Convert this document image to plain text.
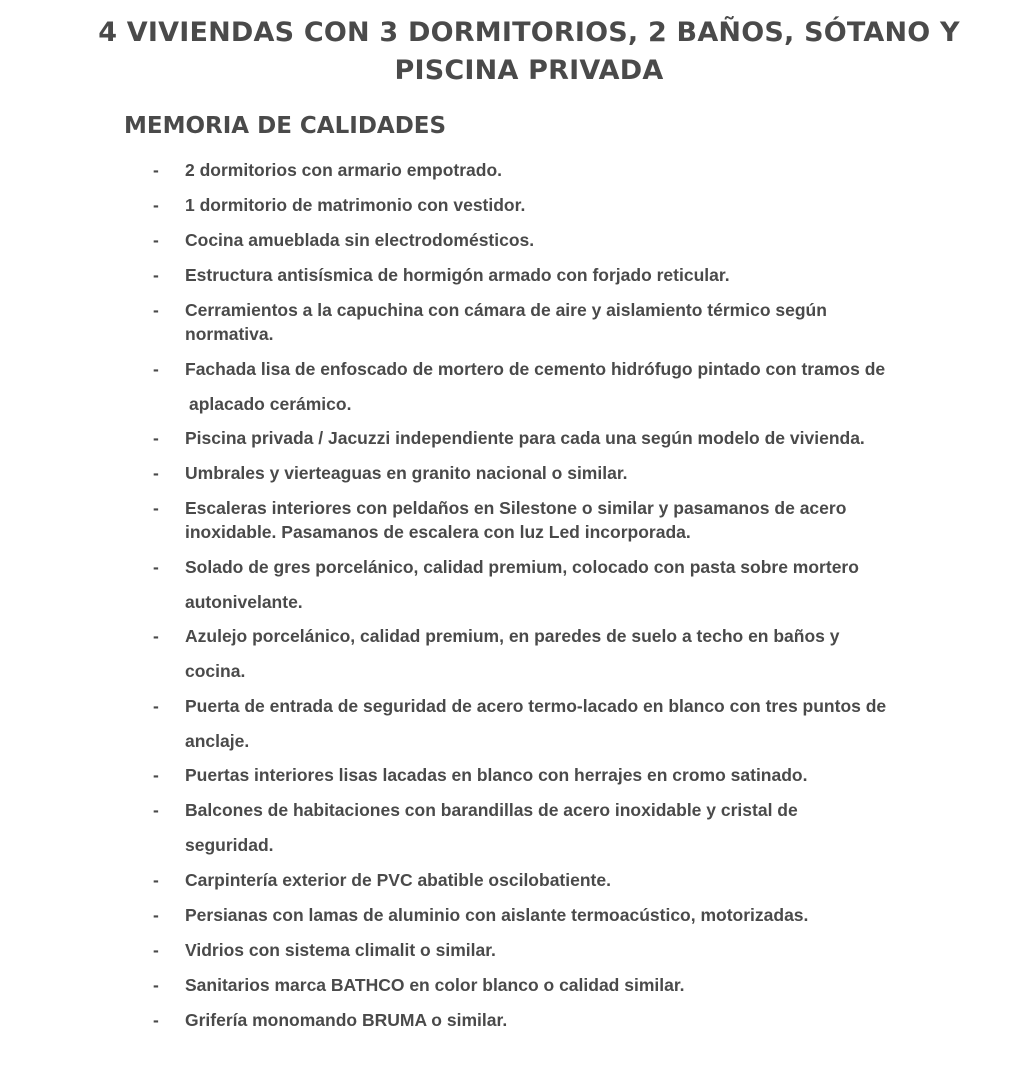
4 VIVIENDAS CON 3 DORMITORIOS, 2 BAÑOS, SÓTANO Y
PISCINA PRIVADA
MEMORIA DE CALIDADES
- 2 dormitorios con armario empotrado.
- 1 dormitorio de matrimonio con vestidor.
- Cocina amueblada sin electrodomésticos.
- Estructura antisísmica de hormigón armado con forjado reticular.
- Cerramientos a la capuchina con cámara de aire y aislamiento térmico según
normativa.
- Fachada lisa de enfoscado de mortero de cemento hidrófugo pintado con tramos de
aplacado cerámico.
- Piscina privada / Jacuzzi independiente para cada una según modelo de vivienda.
- Umbrales y vierteaguas en granito nacional o similar.
- Escaleras interiores con peldaños en Silestone o similar y pasamanos de acero
inoxidable. Pasamanos de escalera con luz Led incorporada.
- Solado de gres porcelánico, calidad premium, colocado con pasta sobre mortero
autonivelante.
- Azulejo porcelánico, calidad premium, en paredes de suelo a techo en baños y
cocina.
- Puerta de entrada de seguridad de acero termo-lacado en blanco con tres puntos de
anclaje.
- Puertas interiores lisas lacadas en blanco con herrajes en cromo satinado.
- Balcones de habitaciones con barandillas de acero inoxidable y cristal de
seguridad.
- Carpintería exterior de PVC abatible oscilobatiente.
- Persianas con lamas de aluminio con aislante termoacústico, motorizadas.
- Vidrios con sistema climalit o similar.
- Sanitarios marca BATHCO en color blanco o calidad similar.
- Grifería monomando BRUMA o similar.
